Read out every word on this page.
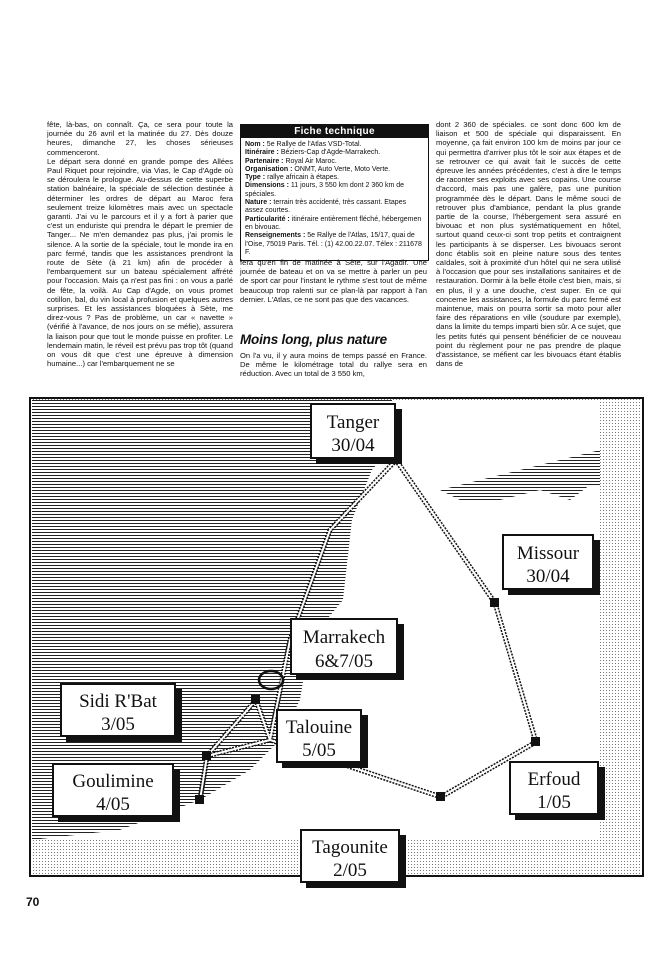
fête, là-bas, on connaît. Ça, ce sera pour toute la journée du 26 avril et la matinée du 27. Dès douze heures, dimanche 27, les choses sérieuses commenceront.

Le départ sera donné en grande pompe des Allées Paul Riquet pour rejoindre, via Vias, le Cap d'Agde où se déroulera le prologue. Au-dessus de cette superbe station balnéaire, la spéciale de sélection destinée à déterminer les ordres de départ au Maroc fera seulement treize kilomètres mais avec un spectacle garanti. J'ai vu le parcours et il y a fort à parier que c'est un enduriste qui prendra le départ le premier de Tanger... Ne m'en demandez pas plus, j'ai promis le silence. A la sortie de la spéciale, tout le monde ira en parc fermé, tandis que les assistances prendront la route de Sète (à 21 km) afin de procéder à l'embarquement sur un bateau spécialement affrété pour l'occasion. Mais ça n'est pas fini : on vous a parlé de fête, la voilà. Au Cap d'Agde, on vous promet cotillon, bal, du vin local à profusion et quelques autres surprises. Et les assistances bloquées à Sète, me direz-vous ? Pas de problème, un car « navette » (vérifié à l'avance, de nos jours on se méfie), assurera la liaison pour que tout le monde puisse en profiter. Le lendemain matin, le réveil est prévu pas trop tôt (quand on vous dit que c'est une épreuve à dimension humaine...) car l'embarquement ne se

Fiche technique

Nom : 5e Rallye de l'Atlas VSD-Total.

Itinéraire : Béziers-Cap d'Agde-Marrakech.

Partenaire : Royal Air Maroc.

Organisation : ONMT, Auto Verte, Moto Verte.

Type : rallye africain à étapes.

Dimensions : 11 jours, 3 550 km dont 2 360 km de spéciales.

Nature : terrain très accidenté, très cassant. Etapes assez courtes.

Particularité : itinéraire entièrement fléché, hébergemen en bivouac.

Renseignements : 5e Rallye de l'Atlas, 15/17, quai de l'Oise, 75019 Paris. Tél. : (1) 42.00.22.07. Télex : 211678 F.

fera qu'en fin de matinée à Sète, sur l'Agadir. Une journée de bateau et on va se mettre à parler un peu de sport car pour l'instant le rythme s'est tout de même beaucoup trop ralenti sur ce plan-là par rapport à l'an dernier. L'Atlas, ce ne sont pas que des vacances.

Moins long, plus nature

On l'a vu, il y aura moins de temps passé en France. De même le kilométrage total du rallye sera en réduction. Avec un total de 3 550 km,

dont 2 360 de spéciales. ce sont donc 600 km de liaison et 500 de spéciale qui disparaissent. En moyenne, ça fait environ 100 km de moins par jour ce qui permettra d'arriver plus tôt le soir aux étapes et de se retrouver ce qui avait fait le succès de cette épreuve les années précédentes, c'est à dire le temps de raconter ses exploits avec ses copains. Une course d'accord, mais pas une galère, pas une punition programmée dès le départ. Dans le même souci de retrouver plus d'ambiance, pendant la plus grande partie de la course, l'hébergement sera assuré en bivouac et non plus systématiquement en hôtel, surtout quand ceux-ci sont trop petits et contraignent les participants à se disperser. Les bivouacs seront donc établis soit en pleine nature sous des tentes caïdales, soit à proximité d'un hôtel qui ne sera utilisé à l'occasion que pour ses installations sanitaires et de restauration. Dormir à la belle étoile c'est bien, mais, si en plus, il y a une douche, c'est super. En ce qui concerne les assistances, la formule du parc fermé est maintenue, mais on pourra sortir sa moto pour aller faire des réparations en ville (soudure par exemple), dans la limite du temps imparti bien sûr. A ce sujet, que les petits futés qui pensent bénéficier de ce nouveau point du règlement pour ne pas prendre de plaque d'assistance, se méfient car les bivouacs étant établis dans de

Tanger
30/04
Missour
30/04
Marrakech
6&7/05
Sidi R'Bat
3/05	Talouine
5/05
Goulimine
4/05
Erfoud
1/05
Tagounite
2/05
70
